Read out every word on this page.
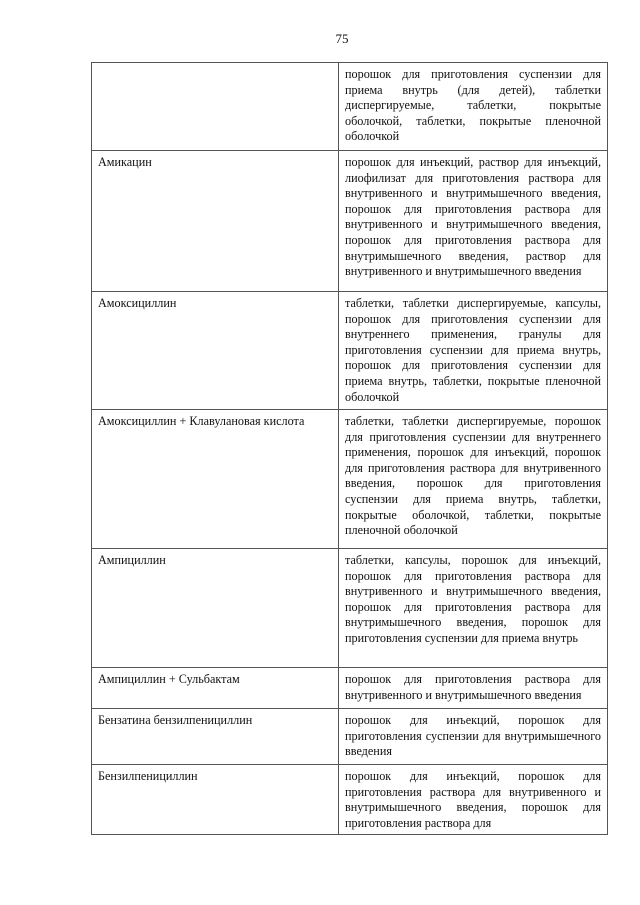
75
	порошок для приготовления суспензии для приема внутрь (для детей), таблетки диспергируемые, таблетки, покрытые оболочкой, таблетки, покрытые пленочной оболочкой
Амикацин	порошок для инъекций, раствор для инъекций, лиофилизат для приготовления раствора для внутривенного и внутримышечного введения, порошок для приготовления раствора для внутривенного и внутримышечного введения, порошок для приготовления раствора для внутримышечного введения, раствор для внутривенного и внутримышечного введения
Амоксициллин	таблетки, таблетки диспергируемые, капсулы, порошок для приготовления суспензии для внутреннего применения, гранулы для приготовления суспензии для приема внутрь, порошок для приготовления суспензии для приема внутрь, таблетки, покрытые пленочной оболочкой
Амоксициллин + Клавулановая кислота	таблетки, таблетки диспергируемые, порошок для приготовления суспензии для внутреннего применения, порошок для инъекций, порошок для приготовления раствора для внутривенного введения, порошок для приготовления суспензии для приема внутрь, таблетки, покрытые оболочкой, таблетки, покрытые пленочной оболочкой
Ампициллин	таблетки, капсулы, порошок для инъекций, порошок для приготовления раствора для внутривенного и внутримышечного введения, порошок для приготовления раствора для внутримышечного введения, порошок для приготовления суспензии для приема внутрь
Ампициллин + Сульбактам	порошок для приготовления раствора для внутривенного и внутримышечного введения
Бензатина бензилпенициллин	порошок для инъекций, порошок для приготовления суспензии для внутримышечного введения
Бензилпенициллин	порошок для инъекций, порошок для приготовления раствора для внутривенного и внутримышечного введения, порошок для приготовления раствора для
